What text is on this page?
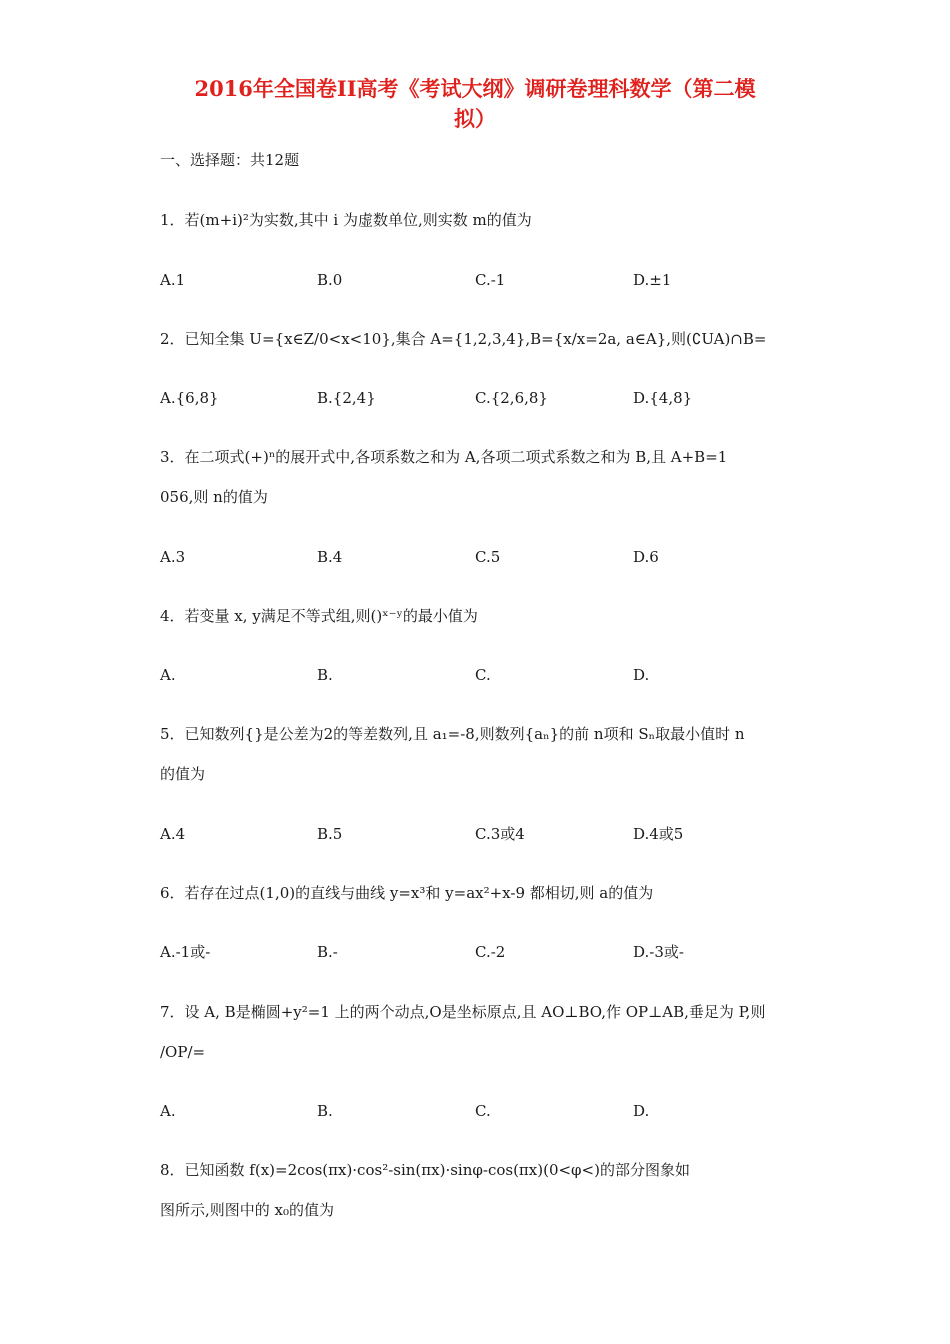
2016年全国卷II高考《考试大纲》调研卷理科数学（第二模
拟）
一、选择题：共12题
1．若(m+i)²为实数,其中 i 为虚数单位,则实数 m的值为
A.1	B.0	C.-1	D.±1
2．已知全集 U={x∈Z/0<x<10},集合 A={1,2,3,4},B={x/x=2a, a∈A},则(∁UA)∩B=
A.{6,8}	B.{2,4}	C.{2,6,8}	D.{4,8}
3．在二项式(+)ⁿ的展开式中,各项系数之和为 A,各项二项式系数之和为 B,且 A+B=1
056,则 n的值为
A.3	B.4	C.5	D.6
4．若变量 x, y满足不等式组,则()ˣ⁻ʸ的最小值为
A.	B.	C.	D.
5．已知数列{}是公差为2的等差数列,且 a₁=-8,则数列{aₙ}的前 n项和 Sₙ取最小值时 n
的值为
A.4	B.5	C.3或4	D.4或5
6．若存在过点(1,0)的直线与曲线 y=x³和 y=ax²+x-9 都相切,则 a的值为
A.-1或-	B.-	C.-2	D.-3或-
7．设 A, B是椭圆+y²=1 上的两个动点,O是坐标原点,且 AO⊥BO,作 OP⊥AB,垂足为 P,则
/OP/=
A.	B.	C.	D.
8．已知函数 f(x)=2cos(πx)·cos²-sin(πx)·sinφ-cos(πx)(0<φ<)的部分图象如
图所示,则图中的 x₀的值为
